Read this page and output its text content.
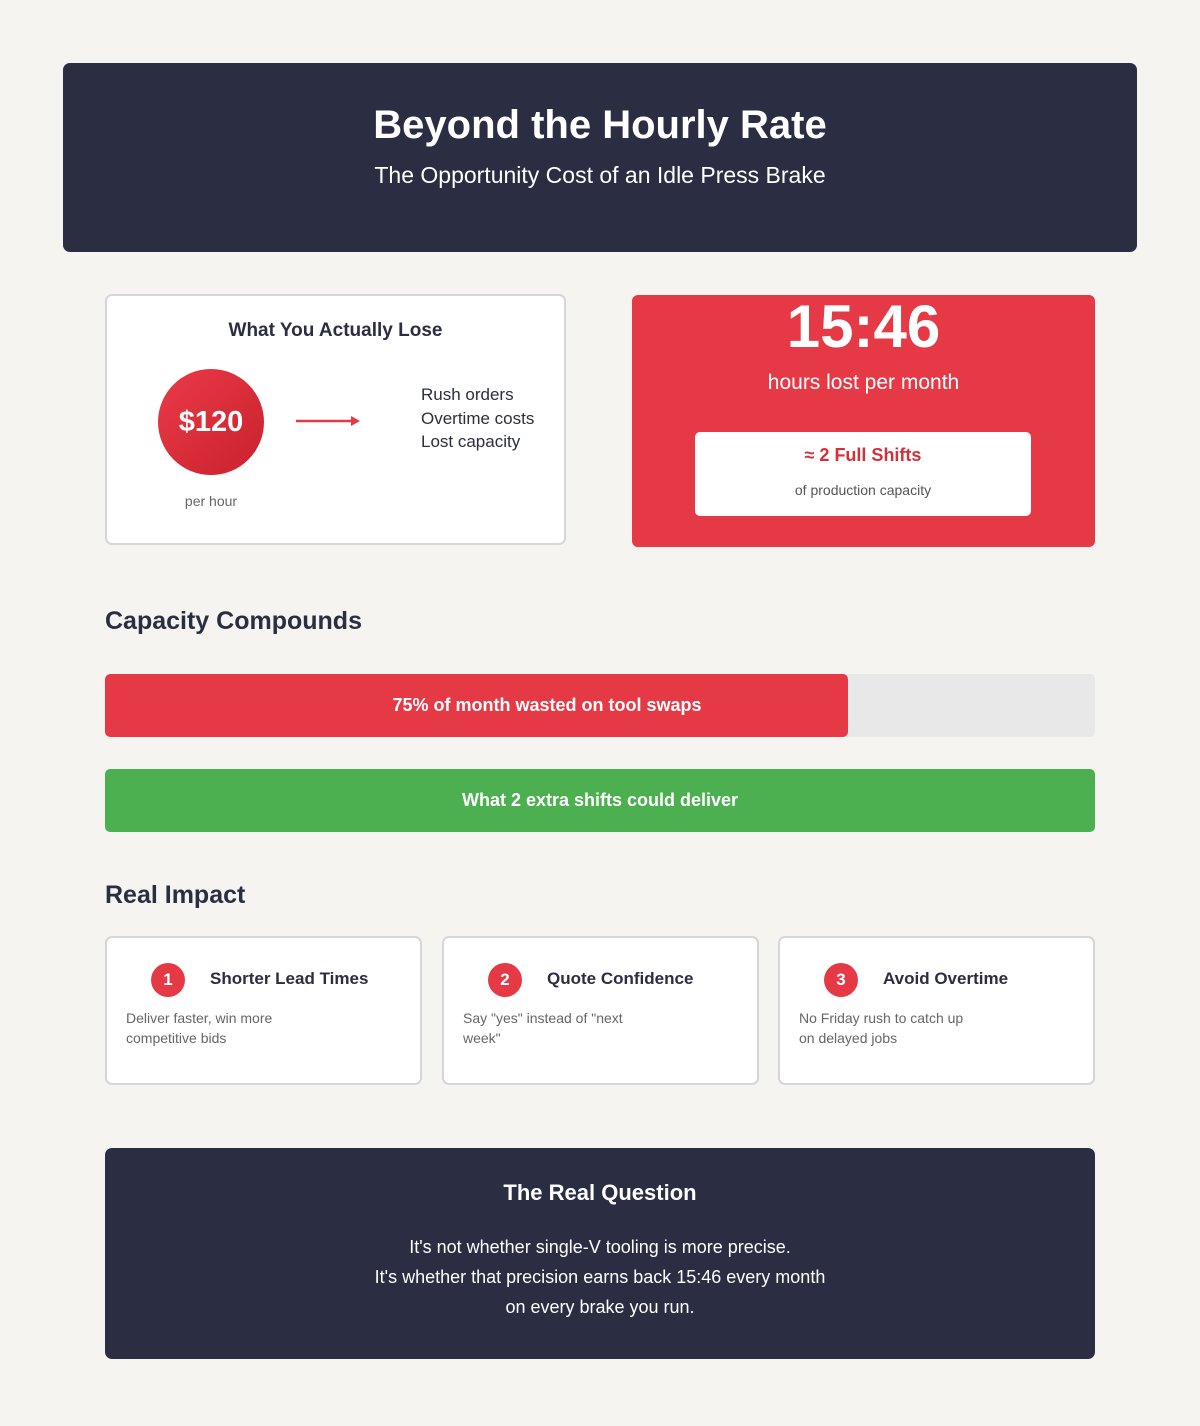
Beyond the Hourly Rate
The Opportunity Cost of an Idle Press Brake
What You Actually Lose
$120
per hour
Rush orders
Overtime costs
Lost capacity
15:46
hours lost per month
≈ 2 Full Shifts
of production capacity
Capacity Compounds
75% of month wasted on tool swaps
What 2 extra shifts could deliver
Real Impact
1	Shorter Lead Times
Deliver faster, win more competitive bids
2	Quote Confidence
Say "yes" instead of "next week"
3	Avoid Overtime
No Friday rush to catch up on delayed jobs
The Real Question
It's not whether single-V tooling is more precise.
It's whether that precision earns back 15:46 every month
on every brake you run.
